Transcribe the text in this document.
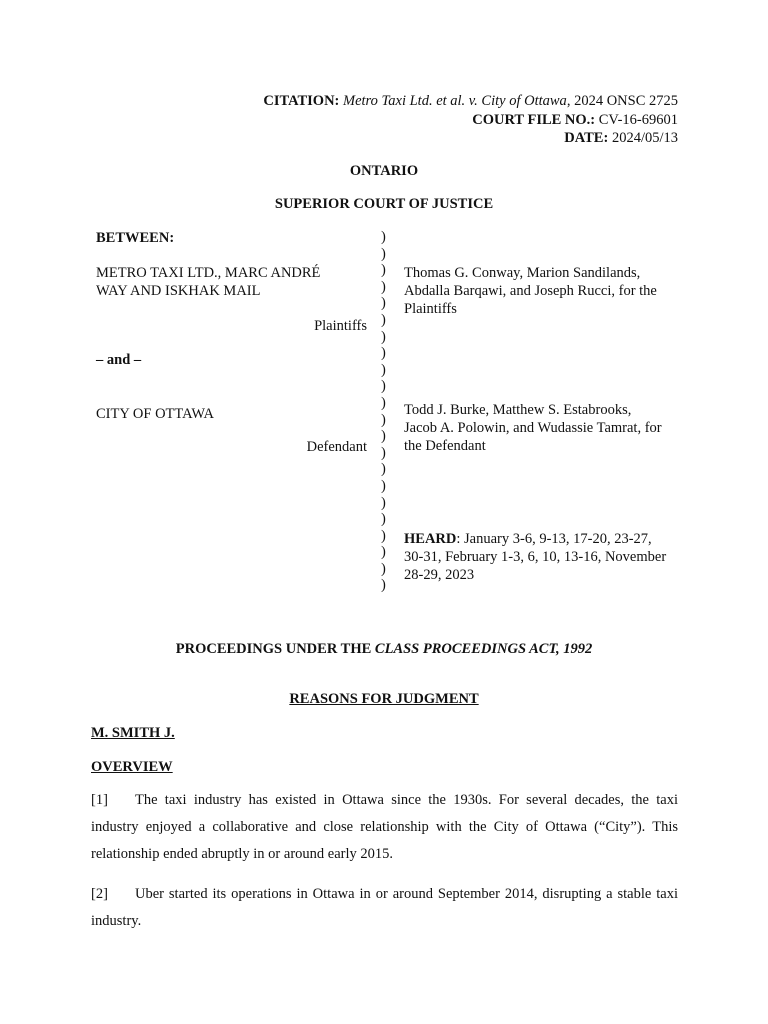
CITATION: Metro Taxi Ltd. et al. v. City of Ottawa, 2024 ONSC 2725
COURT FILE NO.: CV-16-69601
DATE: 2024/05/13
ONTARIO
SUPERIOR COURT OF JUSTICE
BETWEEN:
METRO TAXI LTD., MARC ANDRÉ
WAY AND ISKHAK MAIL
Plaintiffs
– and –
CITY OF OTTAWA
Defendant
)
)
)
)
)
)
)
)
)
)
)
)
)
)
)
)
)
)
)
)
)
)
Thomas G. Conway, Marion Sandilands,
Abdalla Barqawi, and Joseph Rucci, for the
Plaintiffs
Todd J. Burke, Matthew S. Estabrooks,
Jacob A. Polowin, and Wudassie Tamrat, for
the Defendant
HEARD: January 3-6, 9-13, 17-20, 23-27,
30-31, February 1-3, 6, 10, 13-16, November
28-29, 2023
PROCEEDINGS UNDER THE CLASS PROCEEDINGS ACT, 1992
REASONS FOR JUDGMENT
M. SMITH J.
OVERVIEW
[1] The taxi industry has existed in Ottawa since the 1930s. For several decades, the taxi industry enjoyed a collaborative and close relationship with the City of Ottawa (“City”). This relationship ended abruptly in or around early 2015.
[2] Uber started its operations in Ottawa in or around September 2014, disrupting a stable taxi industry.
